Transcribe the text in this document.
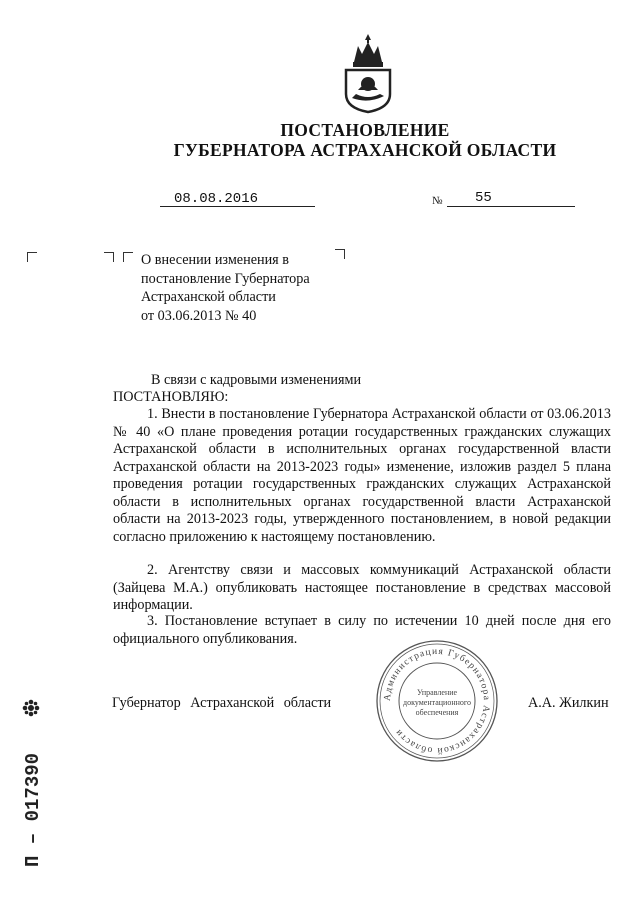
ПОСТАНОВЛЕНИЕ
ГУБЕРНАТОРА АСТРАХАНСКОЙ ОБЛАСТИ
08.08.2016	№ 55
О внесении изменения в
постановление Губернатора
Астраханской области
от 03.06.2013 № 40
В связи с кадровыми изменениями
ПОСТАНОВЛЯЮ:
1. Внести в постановление Губернатора Астраханской области от 03.06.2013 № 40 «О плане проведения ротации государственных гражданских служащих Астраханской области в исполнительных органах государственной власти Астраханской области на 2013-2023 годы» изменение, изложив раздел 5 плана проведения ротации государственных гражданских служащих Астраханской области в исполнительных органах государственной власти Астраханской области на 2013-2023 годы, утвержденного постановлением, в новой редакции согласно приложению к настоящему постановлению.
2. Агентству связи и массовых коммуникаций Астраханской области (Зайцева М.А.) опубликовать настоящее постановление в средствах массовой информации.
3. Постановление вступает в силу по истечении 10 дней после дня его официального опубликования.
Губернатор Астраханской области	А.А. Жилкин
Администрация Губернатора Астраханской области
Управление
документационного
обеспечения
П – 017390
